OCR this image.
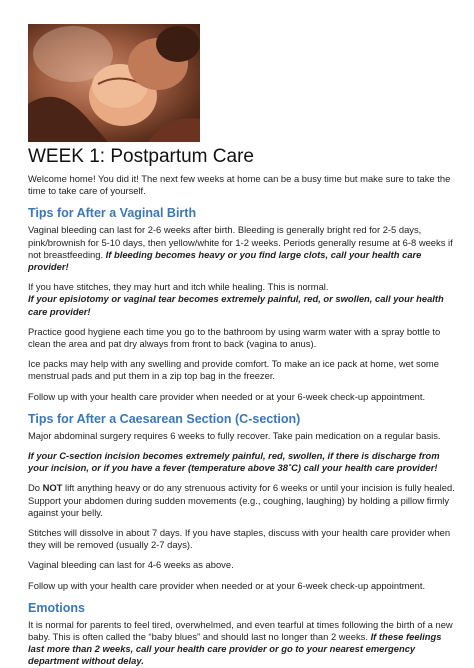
WEEK 1: Postpartum Care

Welcome home! You did it! The next few weeks at home can be a busy time but make sure to take the time to take care of yourself.

Tips for After a Vaginal Birth

Vaginal bleeding can last for 2-6 weeks after birth. Bleeding is generally bright red for 2-5 days, pink/brownish for 5-10 days, then yellow/white for 1-2 weeks. Periods generally resume at 6-8 weeks if not breastfeeding. If bleeding becomes heavy or you find large clots, call your health care provider!

If you have stitches, they may hurt and itch while healing. This is normal.
If your episiotomy or vaginal tear becomes extremely painful, red, or swollen, call your health care provider!

Practice good hygiene each time you go to the bathroom by using warm water with a spray bottle to clean the area and pat dry always from front to back (vagina to anus).

Ice packs may help with any swelling and provide comfort. To make an ice pack at home, wet some menstrual pads and put them in a zip top bag in the freezer.

Follow up with your health care provider when needed or at your 6-week check-up appointment.

Tips for After a Caesarean Section (C-section)

Major abdominal surgery requires 6 weeks to fully recover. Take pain medication on a regular basis.

If your C-section incision becomes extremely painful, red, swollen, if there is discharge from your incision, or if you have a fever (temperature above 38˚C) call your health care provider!

Do NOT lift anything heavy or do any strenuous activity for 6 weeks or until your incision is fully healed. Support your abdomen during sudden movements (e.g., coughing, laughing) by holding a pillow firmly against your belly.

Stitches will dissolve in about 7 days. If you have staples, discuss with your health care provider when they will be removed (usually 2-7 days).

Vaginal bleeding can last for 4-6 weeks as above.

Follow up with your health care provider when needed or at your 6-week check-up appointment.

Emotions

It is normal for parents to feel tired, overwhelmed, and even tearful at times following the birth of a new baby. This is often called the “baby blues” and should last no longer than 2 weeks. If these feelings last more than 2 weeks, call your health care provider or go to your nearest emergency department without delay.
